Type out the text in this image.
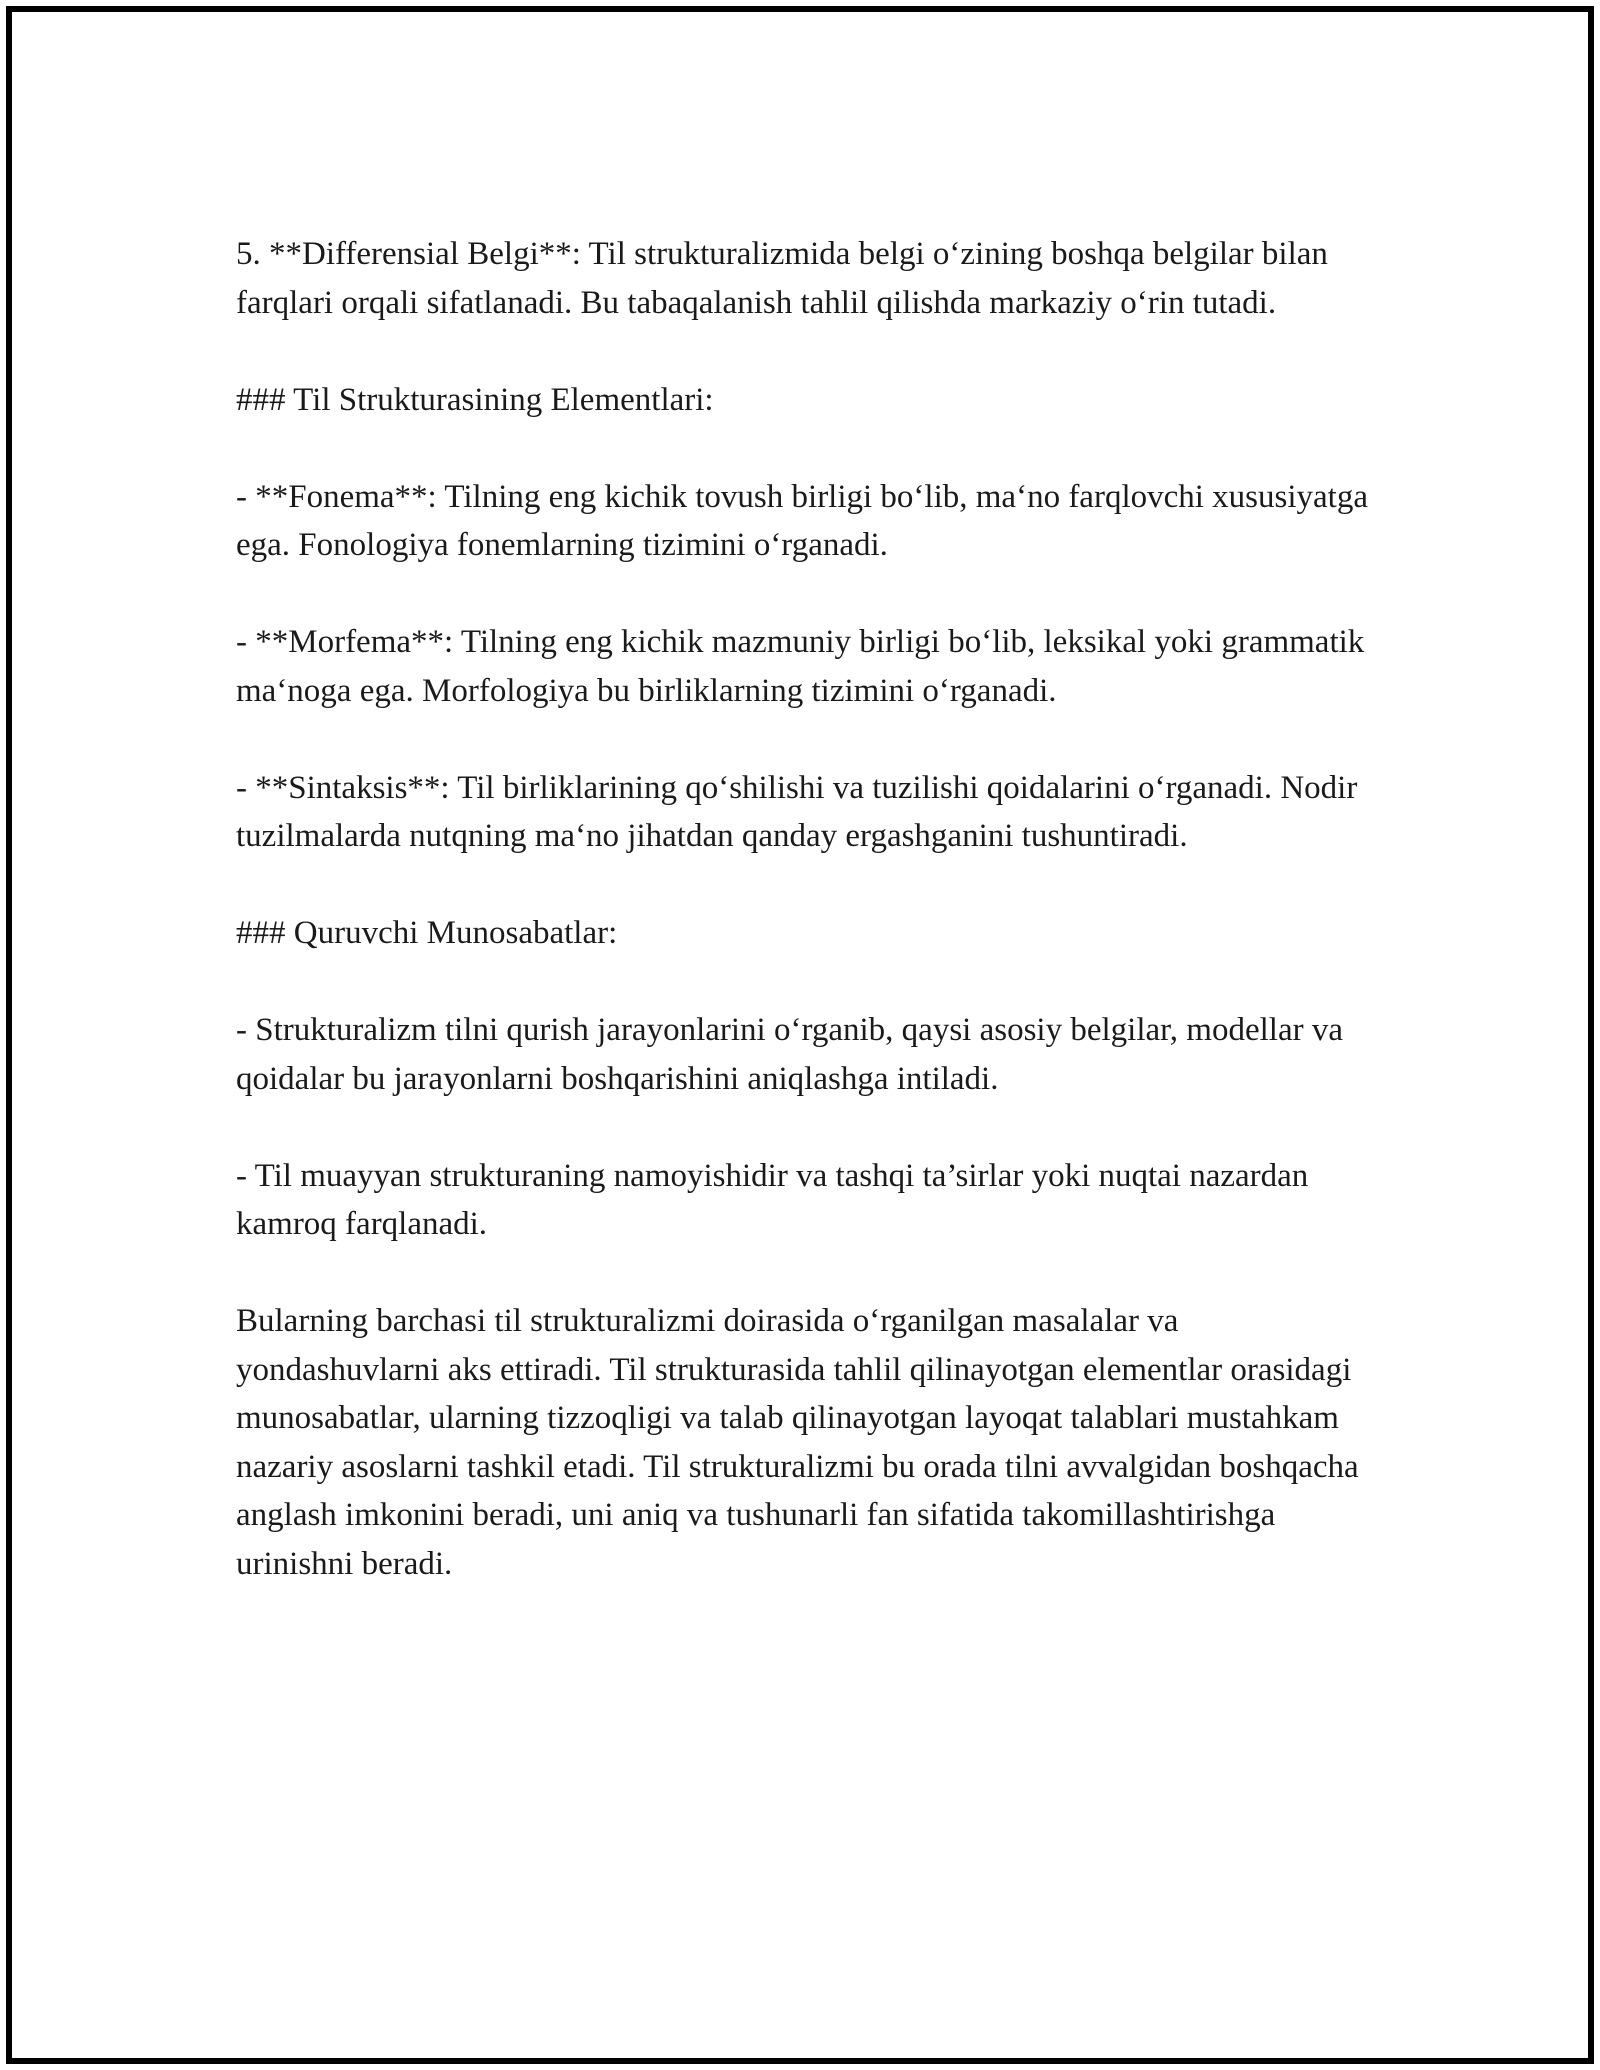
5. **Differensial Belgi**: Til strukturalizmida belgi o‘zining boshqa belgilar bilan farqlari orqali sifatlanadi. Bu tabaqalanish tahlil qilishda markaziy o‘rin tutadi.

### Til Strukturasining Elementlari:

- **Fonema**: Tilning eng kichik tovush birligi bo‘lib, ma‘no farqlovchi xususiyatga ega. Fonologiya fonemlarning tizimini o‘rganadi.

- **Morfema**: Tilning eng kichik mazmuniy birligi bo‘lib, leksikal yoki grammatik ma‘noga ega. Morfologiya bu birliklarning tizimini o‘rganadi.

- **Sintaksis**: Til birliklarining qo‘shilishi va tuzilishi qoidalarini o‘rganadi. Nodir tuzilmalarda nutqning ma‘no jihatdan qanday ergashganini tushuntiradi.

### Quruvchi Munosabatlar:

- Strukturalizm tilni qurish jarayonlarini o‘rganib, qaysi asosiy belgilar, modellar va qoidalar bu jarayonlarni boshqarishini aniqlashga intiladi.

- Til muayyan strukturaning namoyishidir va tashqi ta’sirlar yoki nuqtai nazardan kamroq farqlanadi.

Bularning barchasi til strukturalizmi doirasida o‘rganilgan masalalar va yondashuvlarni aks ettiradi. Til strukturasida tahlil qilinayotgan elementlar orasidagi munosabatlar, ularning tizzoqligi va talab qilinayotgan layoqat talablari mustahkam nazariy asoslarni tashkil etadi. Til strukturalizmi bu orada tilni avvalgidan boshqacha anglash imkonini beradi, uni aniq va tushunarli fan sifatida takomillashtirishga urinishni beradi.
